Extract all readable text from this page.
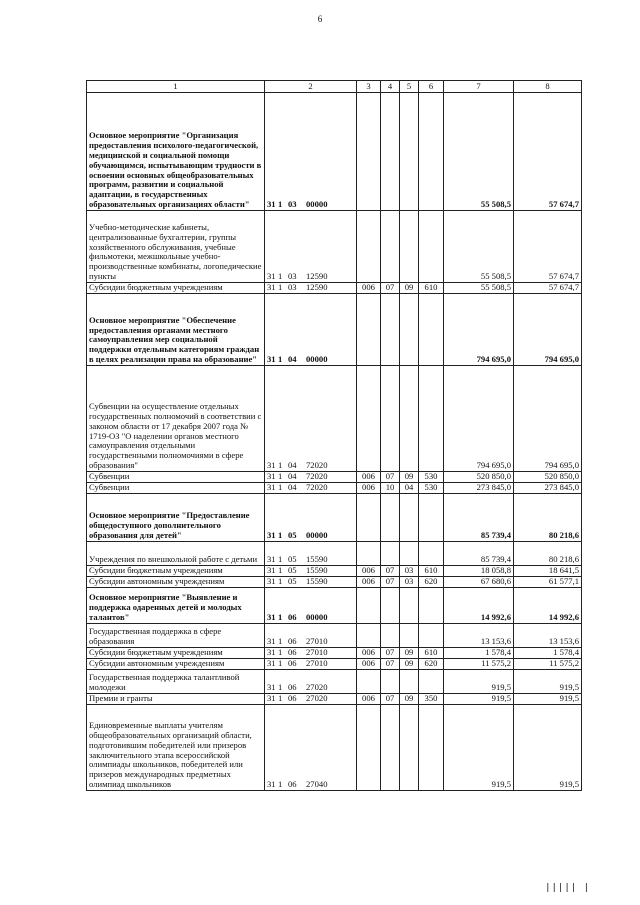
6
1	2	3	4	5	6	7	8
Основное мероприятие "Организация предоставления психолого-педагогической, медицинской и социальной помощи обучающимся, испытывающим трудности в освоении основных общеобразовательных программ, развитии и социальной адаптации, в государственных образовательных организациях области"	31 1 03 00000					55 508,5	57 674,7
Учебно-методические кабинеты, централизованные бухгалтерии, группы хозяйственного обслуживания, учебные фильмотеки, межшкольные учебно-производственные комбинаты, логопедические пункты	31 1 03 12590					55 508,5	57 674,7
Субсидии бюджетным учреждениям	31 1 03 12590	006	07	09	610	55 508,5	57 674,7
Основное мероприятие "Обеспечение предоставления органами местного самоуправления мер социальной поддержки отдельным категориям граждан в целях реализации права на образование"	31 1 04 00000					794 695,0	794 695,0
Субвенции на осуществление отдельных государственных полномочий в соответствии с законом области от 17 декабря 2007 года № 1719-ОЗ "О наделении органов местного самоуправления отдельными государственными полномочиями в сфере образования"	31 1 04 72020					794 695,0	794 695,0
Субвенции	31 1 04 72020	006	07	09	530	520 850,0	520 850,0
Субвенции	31 1 04 72020	006	10	04	530	273 845,0	273 845,0
Основное мероприятие "Предоставление общедоступного дополнительного образования для детей"	31 1 05 00000					85 739,4	80 218,6
Учреждения по внешкольной работе с детьми	31 1 05 15590					85 739,4	80 218,6
Субсидии бюджетным учреждениям	31 1 05 15590	006	07	03	610	18 058,8	18 641,5
Субсидии автономным учреждениям	31 1 05 15590	006	07	03	620	67 680,6	61 577,1
Основное мероприятие "Выявление и поддержка одаренных детей и молодых талантов"	31 1 06 00000					14 992,6	14 992,6
Государственная поддержка в сфере образования	31 1 06 27010					13 153,6	13 153,6
Субсидии бюджетным учреждениям	31 1 06 27010	006	07	09	610	1 578,4	1 578,4
Субсидии автономным учреждениям	31 1 06 27010	006	07	09	620	11 575,2	11 575,2
Государственная поддержка талантливой молодежи	31 1 06 27020					919,5	919,5
Премии и гранты	31 1 06 27020	006	07	09	350	919,5	919,5
Единовременные выплаты учителям общеобразовательных организаций области, подготовившим победителей или призеров заключительного этапа всероссийской олимпиады школьников, победителей или призеров международных предметных олимпиад школьников	31 1 06 27040					919,5	919,5
||||| |
